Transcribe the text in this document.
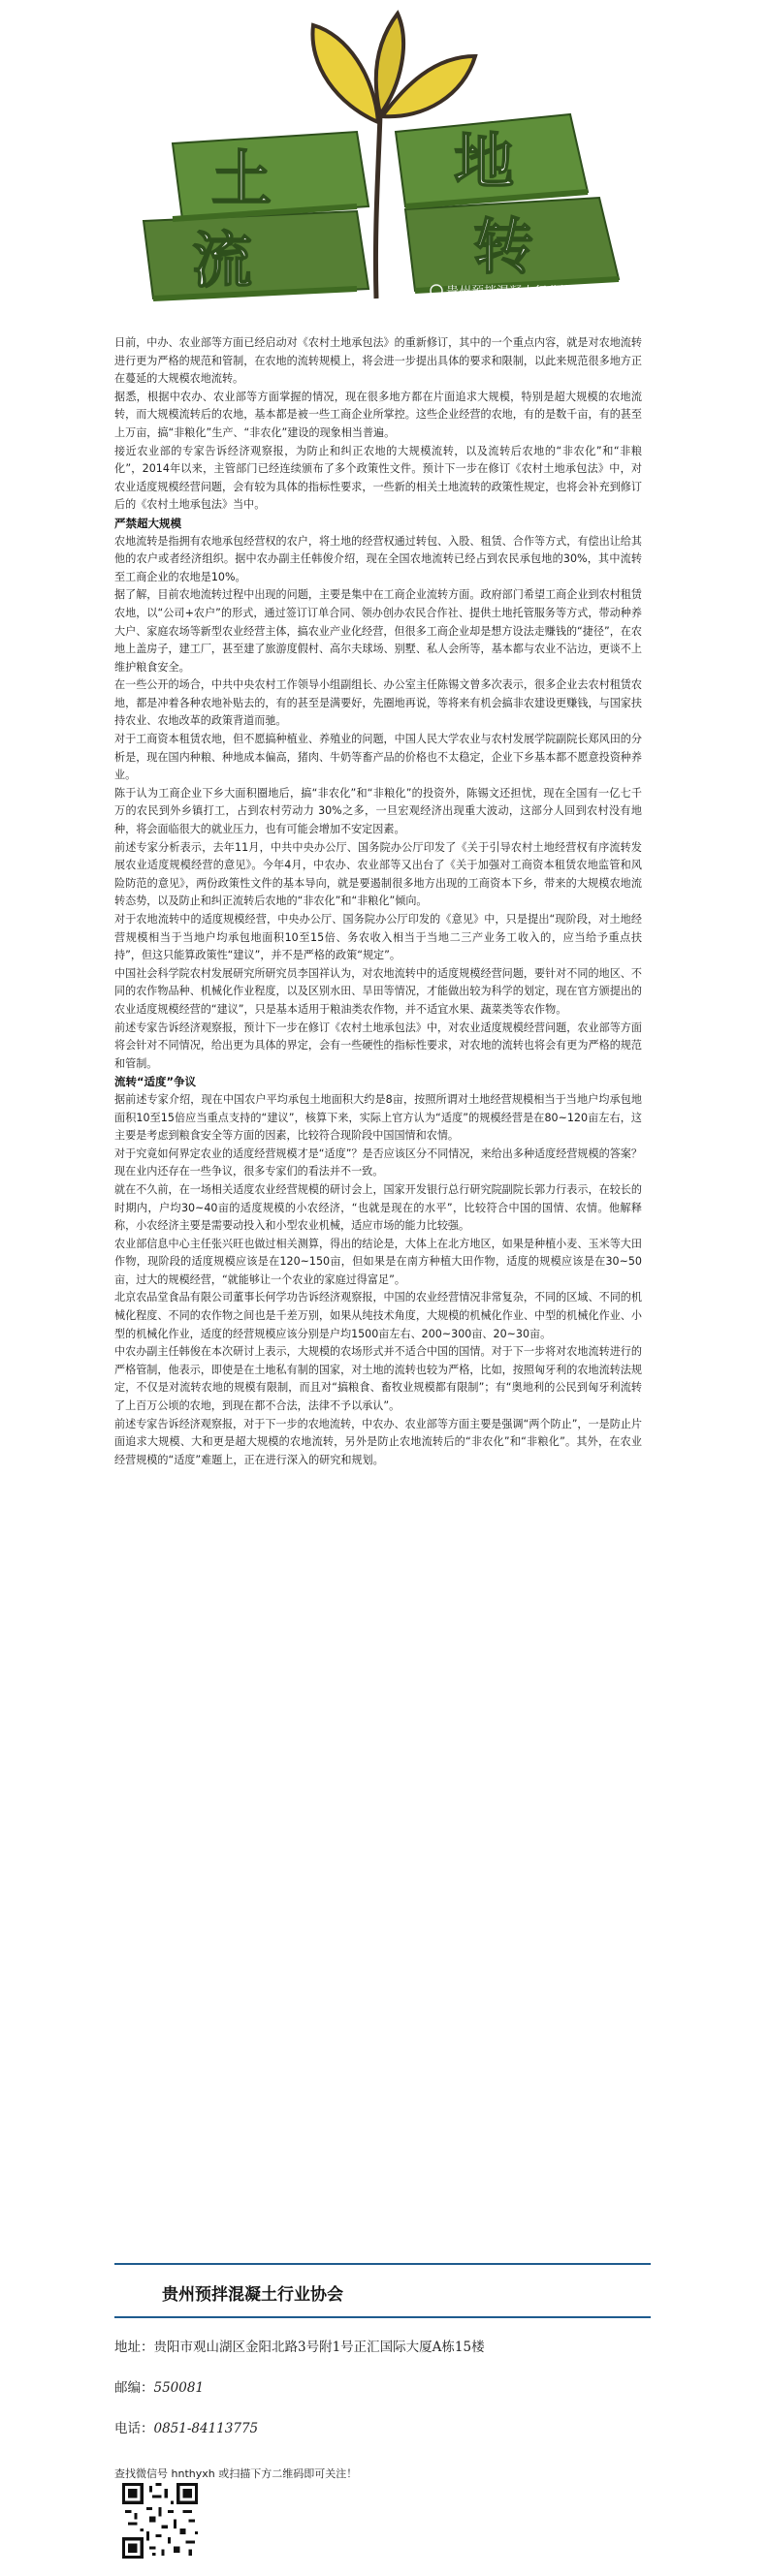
土	地
流	转
贵州预拌混凝土行业协会

日前，中办、农业部等方面已经启动对《农村土地承包法》的重新修订，其中的一个重点内容，就是对农地流转进行更为严格的规范和管制，在农地的流转规模上，将会进一步提出具体的要求和限制，以此来规范很多地方正在蔓延的大规模农地流转。

据悉，根据中农办、农业部等方面掌握的情况，现在很多地方都在片面追求大规模，特别是超大规模的农地流转，而大规模流转后的农地，基本都是被一些工商企业所掌控。这些企业经营的农地，有的是数千亩，有的甚至上万亩，搞“非粮化”生产、“非农化”建设的现象相当普遍。

接近农业部的专家告诉经济观察报，为防止和纠正农地的大规模流转，以及流转后农地的“非农化”和“非粮化”，2014年以来，主管部门已经连续颁布了多个政策性文件。预计下一步在修订《农村土地承包法》中，对农业适度规模经营问题，会有较为具体的指标性要求，一些新的相关土地流转的政策性规定，也将会补充到修订后的《农村土地承包法》当中。

严禁超大规模

农地流转是指拥有农地承包经营权的农户，将土地的经营权通过转包、入股、租赁、合作等方式，有偿出让给其他的农户或者经济组织。据中农办副主任韩俊介绍，现在全国农地流转已经占到农民承包地的30%，其中流转至工商企业的农地是10%。

据了解，目前农地流转过程中出现的问题，主要是集中在工商企业流转方面。政府部门希望工商企业到农村租赁农地，以“公司+农户”的形式，通过签订订单合同、领办创办农民合作社、提供土地托管服务等方式，带动种养大户、家庭农场等新型农业经营主体，搞农业产业化经营，但很多工商企业却是想方设法走赚钱的“捷径”，在农地上盖房子，建工厂，甚至建了旅游度假村、高尔夫球场、别墅、私人会所等，基本都与农业不沾边，更谈不上维护粮食安全。

在一些公开的场合，中共中央农村工作领导小组副组长、办公室主任陈锡文曾多次表示，很多企业去农村租赁农地，都是冲着各种农地补贴去的，有的甚至是满要好，先圈地再说，等将来有机会搞非农建设更赚钱，与国家扶持农业、农地改革的政策背道而驰。

对于工商资本租赁农地，但不愿搞种植业、养殖业的问题，中国人民大学农业与农村发展学院副院长郑风田的分析是，现在国内种粮、种地成本偏高，猪肉、牛奶等畜产品的价格也不太稳定，企业下乡基本都不愿意投资种养业。

陈于认为工商企业下乡大面积圈地后，搞“非农化”和“非粮化”的投资外，陈锡文还担忧，现在全国有一亿七千万的农民到外乡镇打工，占到农村劳动力 30%之多，一旦宏观经济出现重大波动，这部分人回到农村没有地种，将会面临很大的就业压力，也有可能会增加不安定因素。

前述专家分析表示，去年11月，中共中央办公厅、国务院办公厅印发了《关于引导农村土地经营权有序流转发展农业适度规模经营的意见》。今年4月，中农办、农业部等又出台了《关于加强对工商资本租赁农地监管和风险防范的意见》，两份政策性文件的基本导向，就是要遏制很多地方出现的工商资本下乡，带来的大规模农地流转态势，以及防止和纠正流转后农地的“非农化”和“非粮化”倾向。

对于农地流转中的适度规模经营，中央办公厅、国务院办公厅印发的《意见》中，只是提出“现阶段，对土地经营规模相当于当地户均承包地面积10至15倍、务农收入相当于当地二三产业务工收入的，应当给予重点扶持”，但这只能算政策性“建议”，并不是严格的政策“规定”。

中国社会科学院农村发展研究所研究员李国祥认为，对农地流转中的适度规模经营问题，要针对不同的地区、不同的农作物品种、机械化作业程度，以及区别水田、旱田等情况，才能做出较为科学的划定，现在官方颁提出的农业适度规模经营的“建议”，只是基本适用于粮油类农作物，并不适宜水果、蔬菜类等农作物。

前述专家告诉经济观察报，预计下一步在修订《农村土地承包法》中，对农业适度规模经营问题，农业部等方面将会针对不同情况，给出更为具体的界定，会有一些硬性的指标性要求，对农地的流转也将会有更为严格的规范和管制。

流转“适度”争议

据前述专家介绍，现在中国农户平均承包土地面积大约是8亩，按照所谓对土地经营规模相当于当地户均承包地面积10至15倍应当重点支持的“建议”，核算下来，实际上官方认为“适度”的规模经营是在80~120亩左右，这主要是考虑到粮食安全等方面的因素，比较符合现阶段中国国情和农情。

对于究竟如何界定农业的适度经营规模才是“适度”？是否应该区分不同情况，来给出多种适度经营规模的答案？现在业内还存在一些争议，很多专家们的看法并不一致。

就在不久前，在一场相关适度农业经营规模的研讨会上，国家开发银行总行研究院副院长郭力行表示，在较长的时期内，户均30~40亩的适度规模的小农经济，“也就是现在的水平”，比较符合中国的国情、农情。他解释称，小农经济主要是需要动投入和小型农业机械，适应市场的能力比较强。

农业部信息中心主任张兴旺也做过相关测算，得出的结论是，大体上在北方地区，如果是种植小麦、玉米等大田作物，现阶段的适度规模应该是在120~150亩，但如果是在南方种植大田作物，适度的规模应该是在30~50亩，过大的规模经营，“就能够让一个农业的家庭过得富足”。

北京农品堂食品有限公司董事长何学功告诉经济观察报，中国的农业经营情况非常复杂，不同的区域、不同的机械化程度、不同的农作物之间也是千差万别，如果从纯技术角度，大规模的机械化作业、中型的机械化作业、小型的机械化作业，适度的经营规模应该分别是户均1500亩左右、200~300亩、20~30亩。

中农办副主任韩俊在本次研讨上表示，大规模的农场形式并不适合中国的国情。对于下一步将对农地流转进行的严格管制，他表示，即使是在土地私有制的国家，对土地的流转也较为严格，比如，按照匈牙利的农地流转法规定，不仅是对流转农地的规模有限制，而且对“搞粮食、畜牧业规模都有限制”；有“奥地利的公民到匈牙利流转了上百万公顷的农地，到现在都不合法，法律不予以承认”。

前述专家告诉经济观察报，对于下一步的农地流转，中农办、农业部等方面主要是强调“两个防止”，一是防止片面追求大规模、大和更是超大规模的农地流转，另外是防止农地流转后的“非农化”和“非粮化”。其外，在农业经营规模的“适度”难题上，正在进行深入的研究和规划。

贵州预拌混凝土行业协会
地址：贵阳市观山湖区金阳北路3号附1号正汇国际大厦A栋15楼
邮编：550081
电话：0851-84113775
查找微信号 hnthyxh 或扫描下方二维码即可关注！
